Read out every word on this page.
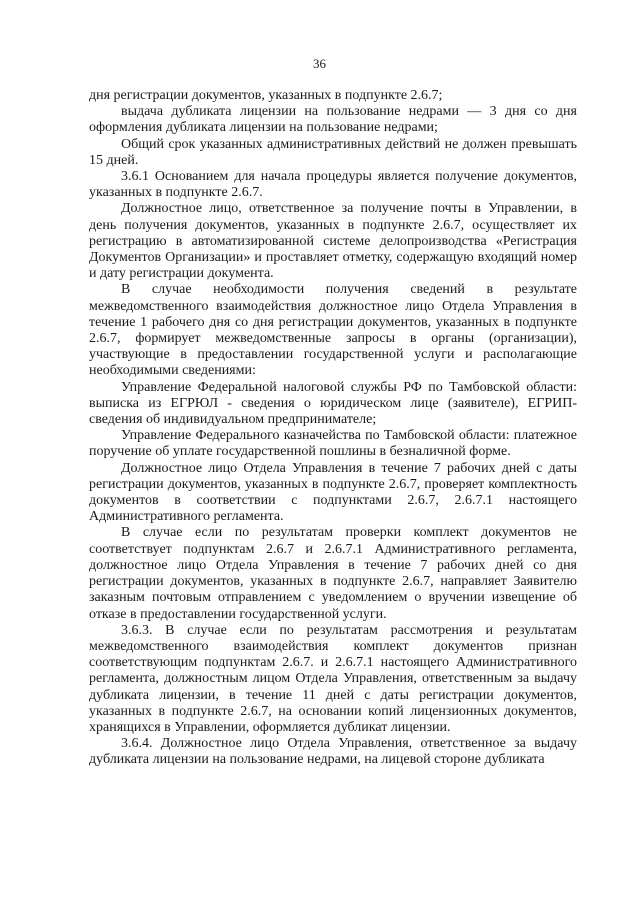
36

дня регистрации документов, указанных в подпункте 2.6.7;

выдача дубликата лицензии на пользование недрами — 3 дня со дня оформления дубликата лицензии на пользование недрами;

Общий срок указанных административных действий не должен превышать 15 дней.

3.6.1 Основанием для начала процедуры является получение документов, указанных в подпункте 2.6.7.

Должностное лицо, ответственное за получение почты в Управлении, в день получения документов, указанных в подпункте 2.6.7, осуществляет их регистрацию в автоматизированной системе делопроизводства «Регистрация Документов Организации» и проставляет отметку, содержащую входящий номер и дату регистрации документа.

В случае необходимости получения сведений в результате межведомственного взаимодействия должностное лицо Отдела Управления в течение 1 рабочего дня со дня регистрации документов, указанных в подпункте 2.6.7, формирует межведомственные запросы в органы (организации), участвующие в предоставлении государственной услуги и располагающие необходимыми сведениями:

Управление Федеральной налоговой службы РФ по Тамбовской области: выписка из ЕГРЮЛ - сведения о юридическом лице (заявителе), ЕГРИП-сведения об индивидуальном предпринимателе;

Управление Федерального казначейства по Тамбовской области: платежное поручение об уплате государственной пошлины в безналичной форме.

Должностное лицо Отдела Управления в течение 7 рабочих дней с даты регистрации документов, указанных в подпункте 2.6.7, проверяет комплектность документов в соответствии с подпунктами 2.6.7, 2.6.7.1 настоящего Административного регламента.

В случае если по результатам проверки комплект документов не соответствует подпунктам 2.6.7 и 2.6.7.1 Административного регламента, должностное лицо Отдела Управления в течение 7 рабочих дней со дня регистрации документов, указанных в подпункте 2.6.7, направляет Заявителю заказным почтовым отправлением с уведомлением о вручении извещение об отказе в предоставлении государственной услуги.

3.6.3. В случае если по результатам рассмотрения и результатам межведомственного взаимодействия комплект документов признан соответствующим подпунктам 2.6.7. и 2.6.7.1 настоящего Административного регламента, должностным лицом Отдела Управления, ответственным за выдачу дубликата лицензии, в течение 11 дней с даты регистрации документов, указанных в подпункте 2.6.7, на основании копий лицензионных документов, хранящихся в Управлении, оформляется дубликат лицензии.

3.6.4. Должностное лицо Отдела Управления, ответственное за выдачу дубликата лицензии на пользование недрами, на лицевой стороне дубликата
